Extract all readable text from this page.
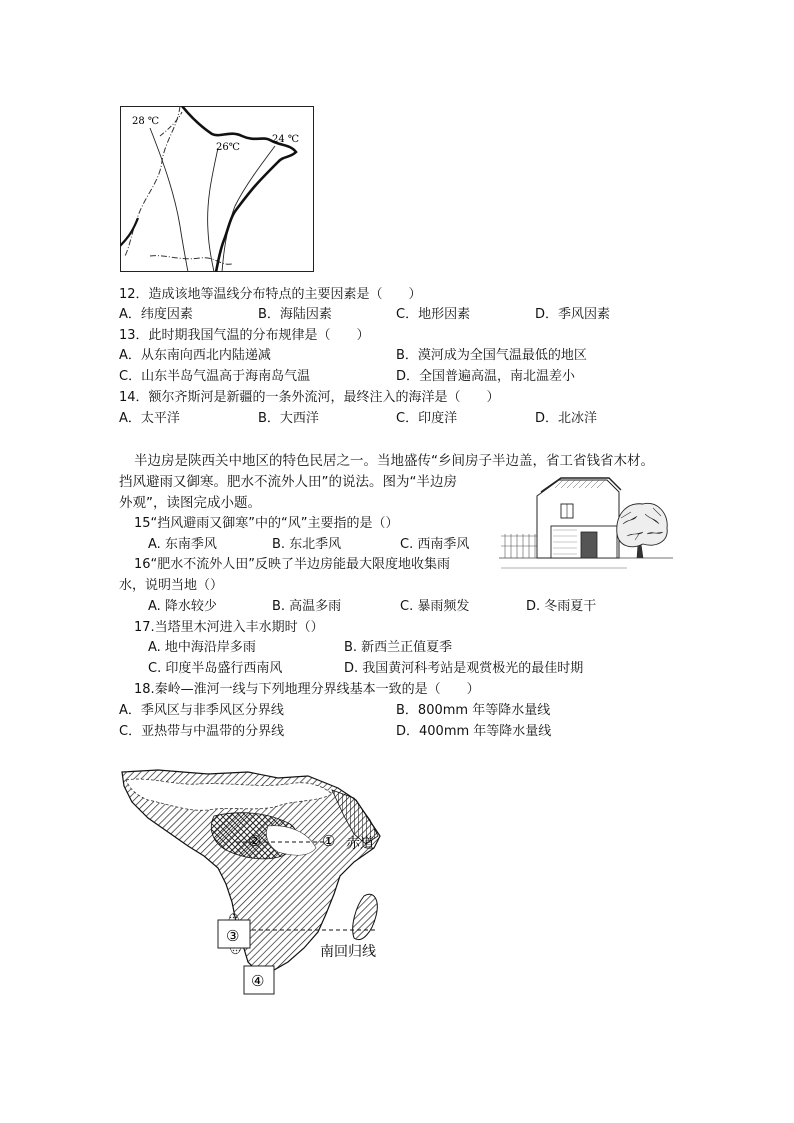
28 ℃
26℃
24 ℃
12．造成该地等温线分布特点的主要因素是（　　）
A．纬度因素	B．海陆因素	C．地形因素	D．季风因素
13．此时期我国气温的分布规律是（　　）
A．从东南向西北内陆递减	B．漠河成为全国气温最低的地区
C．山东半岛气温高于海南岛气温	D．全国普遍高温，南北温差小
14．额尔齐斯河是新疆的一条外流河，最终注入的海洋是（　　）
A．太平洋	B．大西洋	C．印度洋	D．北冰洋
半边房是陕西关中地区的特色民居之一。当地盛传“乡间房子半边盖，省工省钱省木材。
挡风避雨又御寒。肥水不流外人田”的说法。图为“半边房
外观”，读图完成小题。
15“挡风避雨又御寒”中的“风”主要指的是（）
A. 东南季风	B. 东北季风	C. 西南季风
16“肥水不流外人田”反映了半边房能最大限度地收集雨
水，说明当地（）
A. 降水较少	B. 高温多雨	C. 暴雨频发	D. 冬雨夏干
17.当塔里木河进入丰水期时（）
A. 地中海沿岸多雨	B. 新西兰正值夏季
C. 印度半岛盛行西南风	D. 我国黄河科考站是观赏极光的最佳时期
18.秦岭—淮河一线与下列地理分界线基本一致的是（　　）
A．季风区与非季风区分界线	B．800mm 年等降水量线
C．亚热带与中温带的分界线	D．400mm 年等降水量线
②	①
③
④
赤道
南回归线
